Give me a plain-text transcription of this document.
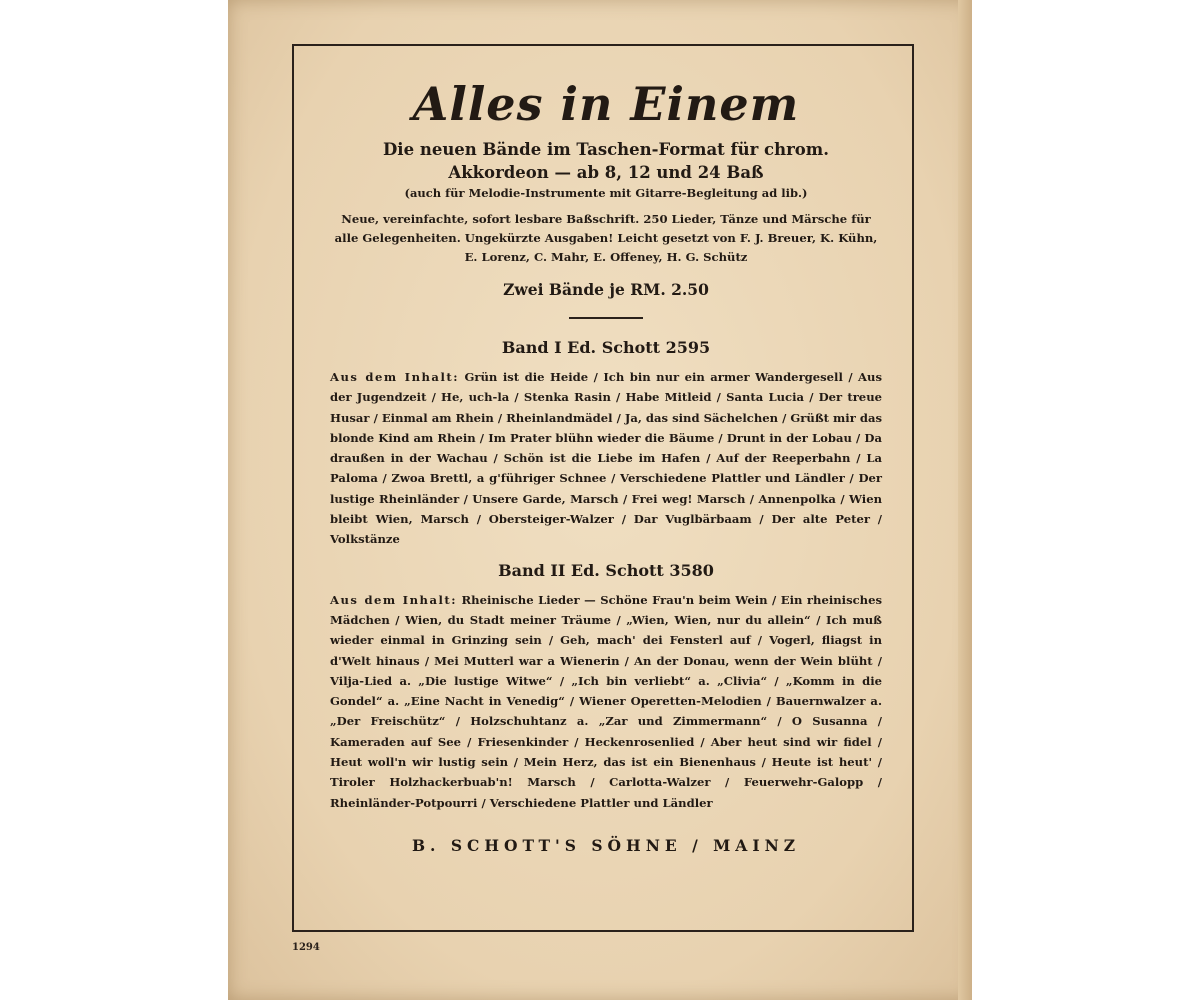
Alles in Einem

Die neuen Bände im Taschen-Format für chrom.

Akkordeon — ab 8, 12 und 24 Baß

(auch für Melodie-Instrumente mit Gitarre-Begleitung ad lib.)

Neue, vereinfachte, sofort lesbare Baßschrift. 250 Lieder, Tänze und Märsche für alle Gelegenheiten. Ungekürzte Ausgaben! Leicht gesetzt von F. J. Breuer, K. Kühn, E. Lorenz, C. Mahr, E. Offeney, H. G. Schütz

Zwei Bände je RM. 2.50

Band I Ed. Schott 2595

Aus dem Inhalt: Grün ist die Heide / Ich bin nur ein armer Wandergesell / Aus der Jugendzeit / He, uch-la / Stenka Rasin / Habe Mitleid / Santa Lucia / Der treue Husar / Einmal am Rhein / Rheinlandmädel / Ja, das sind Sächelchen / Grüßt mir das blonde Kind am Rhein / Im Prater blühn wieder die Bäume / Drunt in der Lobau / Da draußen in der Wachau / Schön ist die Liebe im Hafen / Auf der Reeperbahn / La Paloma / Zwoa Brettl, a g'führiger Schnee / Verschiedene Plattler und Ländler / Der lustige Rheinländer / Unsere Garde, Marsch / Frei weg! Marsch / Annenpolka / Wien bleibt Wien, Marsch / Obersteiger-Walzer / Dar Vuglbärbaam / Der alte Peter / Volkstänze

Band II Ed. Schott 3580

Aus dem Inhalt: Rheinische Lieder — Schöne Frau'n beim Wein / Ein rheinisches Mädchen / Wien, du Stadt meiner Träume / „Wien, Wien, nur du allein“ / Ich muß wieder einmal in Grinzing sein / Geh, mach' dei Fensterl auf / Vogerl, fliagst in d'Welt hinaus / Mei Mutterl war a Wienerin / An der Donau, wenn der Wein blüht / Vilja-Lied a. „Die lustige Witwe“ / „Ich bin verliebt“ a. „Clivia“ / „Komm in die Gondel“ a. „Eine Nacht in Venedig“ / Wiener Operetten-Melodien / Bauernwalzer a. „Der Freischütz“ / Holzschuhtanz a. „Zar und Zimmermann“ / O Susanna / Kameraden auf See / Friesenkinder / Heckenrosenlied / Aber heut sind wir fidel / Heut woll'n wir lustig sein / Mein Herz, das ist ein Bienenhaus / Heute ist heut' / Tiroler Holzhackerbuab'n! Marsch / Carlotta-Walzer / Feuerwehr-Galopp / Rheinländer-Potpourri / Verschiedene Plattler und Ländler

B. SCHOTT'S SÖHNE / MAINZ

1294
